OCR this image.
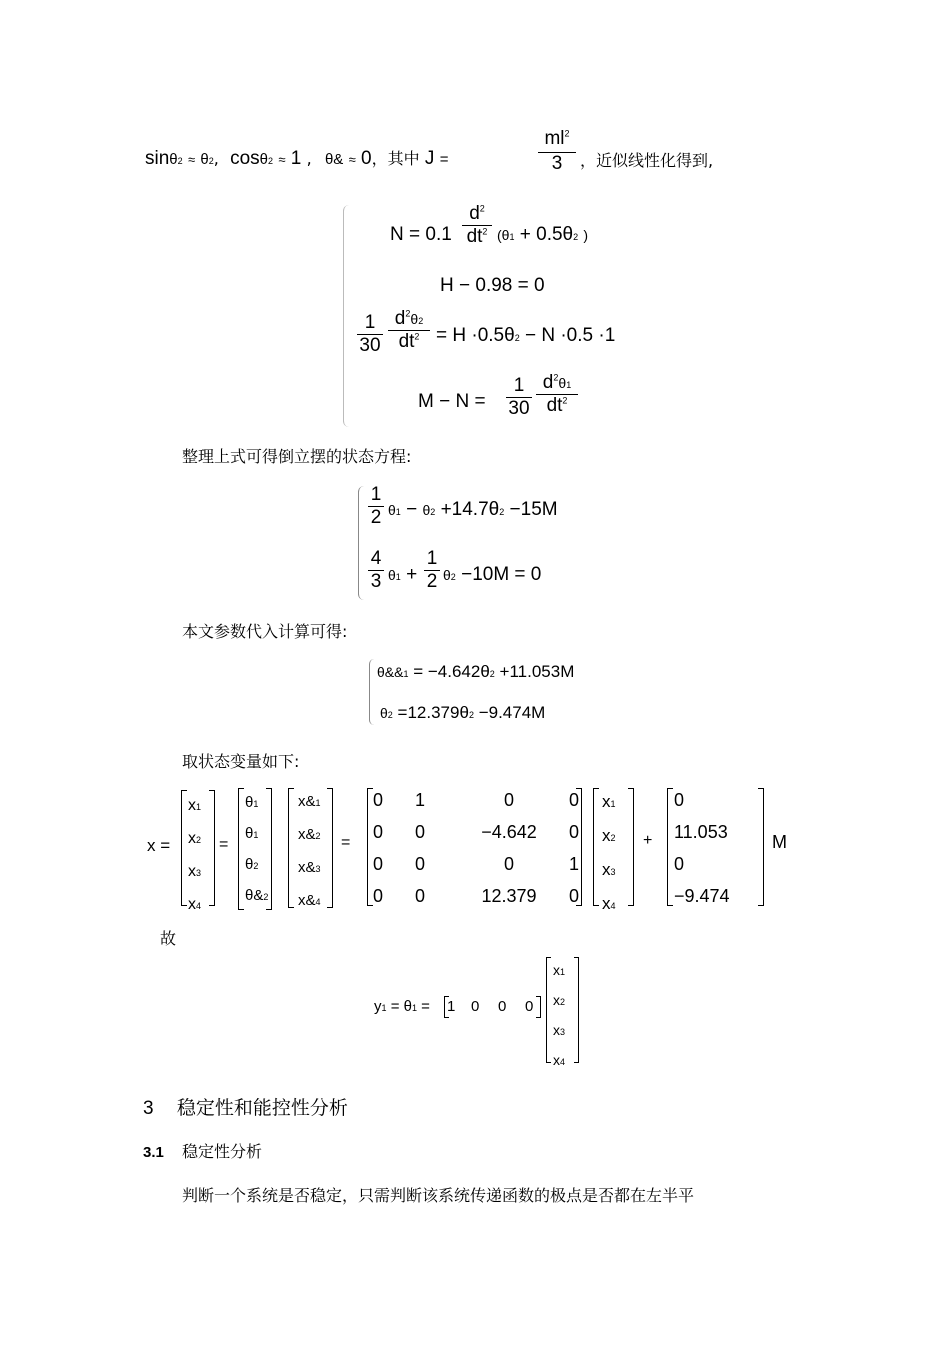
sinθ2 ≈ θ2, cosθ2 ≈ 1 , θ& ≈ 0，其中 J =
$ml^2$
3	，近似线性化得到,
N = 0.1
$d^2$
$dt^2$ (θ1 + 0.5θ2 )
H − 0.98 = 0
1
30
$d^2\theta 2$
$dt^2 = H \cdot 0.5\theta 2 - N \cdot 0.5 \cdot 1$
M − N =
1
30
$d^2\theta 1$
$dt^2$
整理上式可得倒立摆的状态方程:
1
2 θ1 − θ2 +14.7θ2 −15M
4
3 θ1 +
1
2 θ2 −10M = 0
本文参数代入计算可得:
θ&&1 = −4.642θ2 +11.053M
θ2 =12.379θ2 −9.474M
取状态变量如下:
x =
x1
x2
x3
x4
=
θ1
θ1
θ2
θ&2
x&1
x&2
x&3
x&4
=
0	1	0	0
0	0	−4.642	0
0	0	0	1
0	0	12.379	0
x1
x2
x3
x4
+
0
11.053
0
−9.474
M
故
y1 = θ1 = 1	0	0	0
x1
x2
x3
x4
3 稳定性和能控性分析
3.1 稳定性分析
判断一个系统是否稳定，只需判断该系统传递函数的极点是否都在左半平
